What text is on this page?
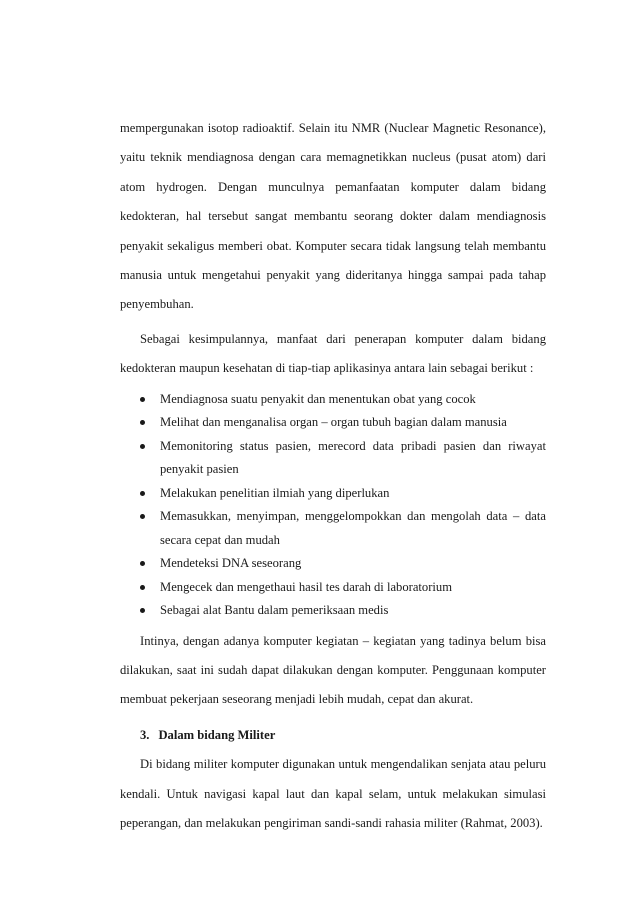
mempergunakan isotop radioaktif. Selain itu NMR (Nuclear Magnetic Resonance), yaitu teknik mendiagnosa dengan cara memagnetikkan nucleus (pusat atom) dari atom hydrogen. Dengan munculnya pemanfaatan komputer dalam bidang kedokteran, hal tersebut sangat membantu seorang dokter dalam mendiagnosis penyakit sekaligus memberi obat. Komputer secara tidak langsung telah membantu manusia untuk mengetahui penyakit yang dideritanya hingga sampai pada tahap penyembuhan.

Sebagai kesimpulannya, manfaat dari penerapan komputer dalam bidang kedokteran maupun kesehatan di tiap-tiap aplikasinya antara lain sebagai berikut :

Mendiagnosa suatu penyakit dan menentukan obat yang cocok
Melihat dan menganalisa organ – organ tubuh bagian dalam manusia
Memonitoring status pasien, merecord data pribadi pasien dan riwayat penyakit pasien
Melakukan penelitian ilmiah yang diperlukan
Memasukkan, menyimpan, menggelompokkan dan mengolah data – data secara cepat dan mudah
Mendeteksi DNA seseorang
Mengecek dan mengethaui hasil tes darah di laboratorium
Sebagai alat Bantu dalam pemeriksaan medis

Intinya, dengan adanya komputer kegiatan – kegiatan yang tadinya belum bisa dilakukan, saat ini sudah dapat dilakukan dengan komputer. Penggunaan komputer membuat pekerjaan seseorang menjadi lebih mudah, cepat dan akurat.

3. Dalam bidang Militer

Di bidang militer komputer digunakan untuk mengendalikan senjata atau peluru kendali. Untuk navigasi kapal laut dan kapal selam, untuk melakukan simulasi peperangan, dan melakukan pengiriman sandi-sandi rahasia militer (Rahmat, 2003).
